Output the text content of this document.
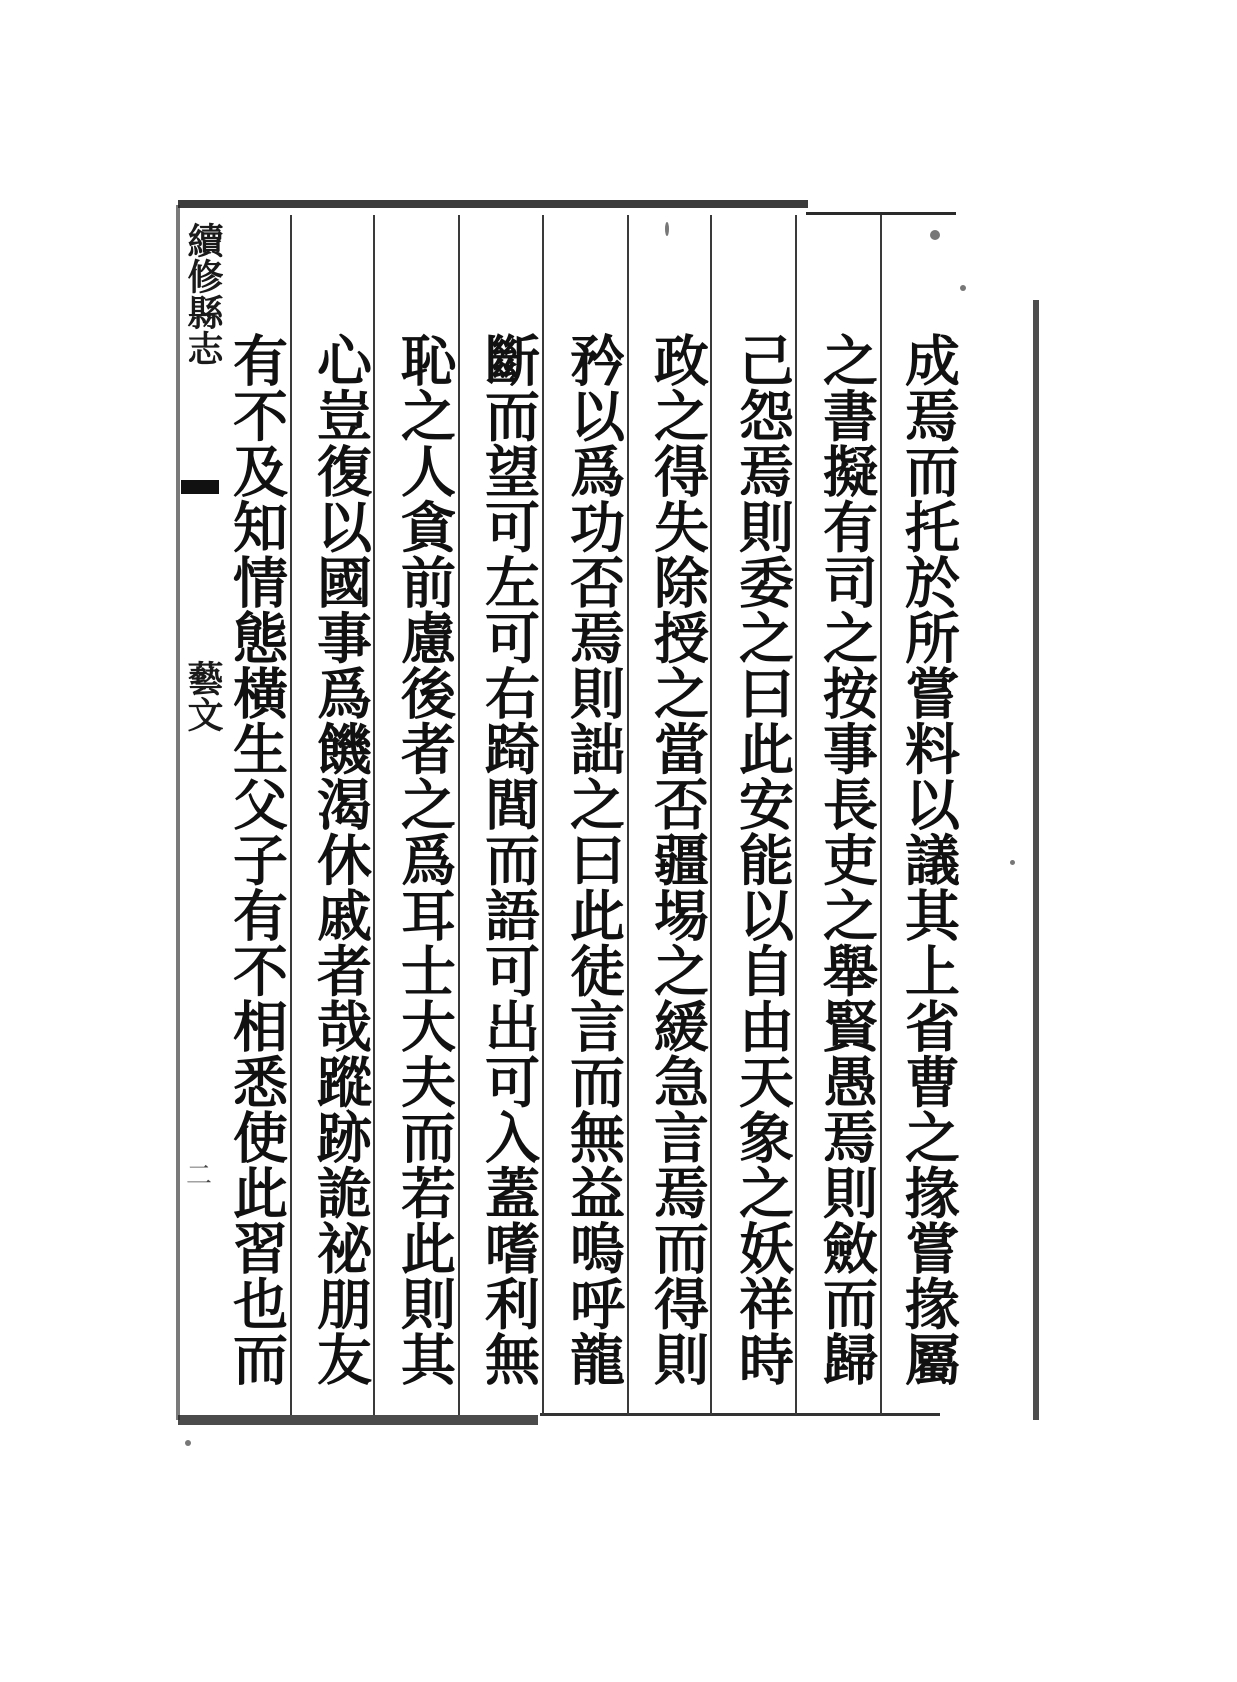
續修縣志
藝文
二	成焉而托於所嘗料以議其上省曹之掾嘗掾屬
之書擬有司之按事長吏之舉賢愚焉則斂而歸
己怨焉則委之曰此安能以自由天象之妖祥時
政之得失除授之當否疆埸之緩急言焉而得則
矜以爲功否焉則詘之曰此徒言而無益嗚呼龍
斷而望可左可右踦閭而語可出可入蓋嗜利無
恥之人貪前慮後者之爲耳士大夫而若此則其
心豈復以國事爲饑渴休戚者哉蹤跡詭祕朋友
有不及知情態橫生父子有不相悉使此習也而
